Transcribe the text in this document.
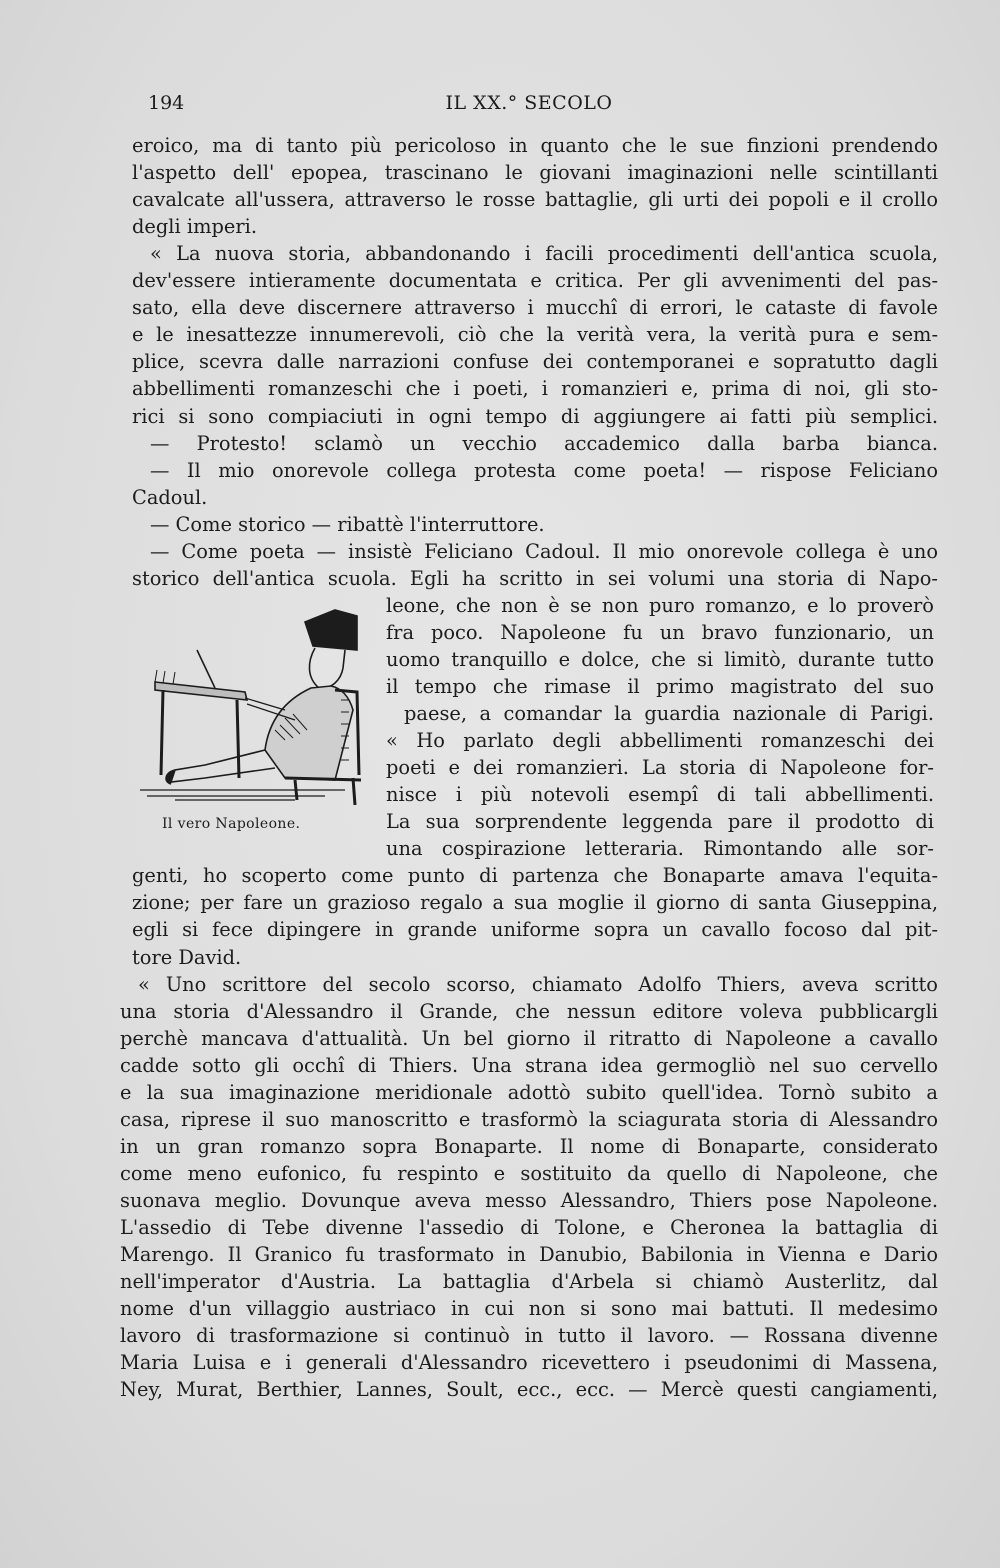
194	IL XX.° SECOLO
eroico, ma di tanto più pericoloso in quanto che le sue finzioni prendendo
l'aspetto dell' epopea, trascinano le giovani imaginazioni nelle scintillanti
cavalcate all'ussera, attraverso le rosse battaglie, gli urti dei popoli e il crollo
degli imperi.
« La nuova storia, abbandonando i facili procedimenti dell'antica scuola,
dev'essere intieramente documentata e critica. Per gli avvenimenti del pas-
sato, ella deve discernere attraverso i mucchî di errori, le cataste di favole
e le inesattezze innumerevoli, ciò che la verità vera, la verità pura e sem-
plice, scevra dalle narrazioni confuse dei contemporanei e sopratutto dagli
abbellimenti romanzeschi che i poeti, i romanzieri e, prima di noi, gli sto-
rici si sono compiaciuti in ogni tempo di aggiungere ai fatti più semplici.
— Protesto! sclamò un vecchio accademico dalla barba bianca.
— Il mio onorevole collega protesta come poeta! — rispose Feliciano
Cadoul.
— Come storico — ribattè l'interruttore.
— Come poeta — insistè Feliciano Cadoul. Il mio onorevole collega è uno
storico dell'antica scuola. Egli ha scritto in sei volumi una storia di Napo-
leone, che non è se non puro romanzo, e lo proverò
fra poco. Napoleone fu un bravo funzionario, un
uomo tranquillo e dolce, che si limitò, durante tutto
il tempo che rimase il primo magistrato del suo
paese, a comandar la guardia nazionale di Parigi.
« Ho parlato degli abbellimenti romanzeschi dei
poeti e dei romanzieri. La storia di Napoleone for-
nisce i più notevoli esempî di tali abbellimenti.
La sua sorprendente leggenda pare il prodotto di
una cospirazione letteraria. Rimontando alle sor-
genti, ho scoperto come punto di partenza che Bonaparte amava l'equita-
zione; per fare un grazioso regalo a sua moglie il giorno di santa Giuseppina,
egli si fece dipingere in grande uniforme sopra un cavallo focoso dal pit-
tore David.
« Uno scrittore del secolo scorso, chiamato Adolfo Thiers, aveva scritto
una storia d'Alessandro il Grande, che nessun editore voleva pubblicargli
perchè mancava d'attualità. Un bel giorno il ritratto di Napoleone a cavallo
cadde sotto gli occhî di Thiers. Una strana idea germogliò nel suo cervello
e la sua imaginazione meridionale adottò subito quell'idea. Tornò subito a
casa, riprese il suo manoscritto e trasformò la sciagurata storia di Alessandro
in un gran romanzo sopra Bonaparte. Il nome di Bonaparte, considerato
come meno eufonico, fu respinto e sostituito da quello di Napoleone, che
suonava meglio. Dovunque aveva messo Alessandro, Thiers pose Napoleone.
L'assedio di Tebe divenne l'assedio di Tolone, e Cheronea la battaglia di
Marengo. Il Granico fu trasformato in Danubio, Babilonia in Vienna e Dario
nell'imperator d'Austria. La battaglia d'Arbela si chiamò Austerlitz, dal
nome d'un villaggio austriaco in cui non si sono mai battuti. Il medesimo
lavoro di trasformazione si continuò in tutto il lavoro. — Rossana divenne
Maria Luisa e i generali d'Alessandro ricevettero i pseudonimi di Massena,
Ney, Murat, Berthier, Lannes, Soult, ecc., ecc. — Mercè questi cangiamenti,
Il vero Napoleone.
